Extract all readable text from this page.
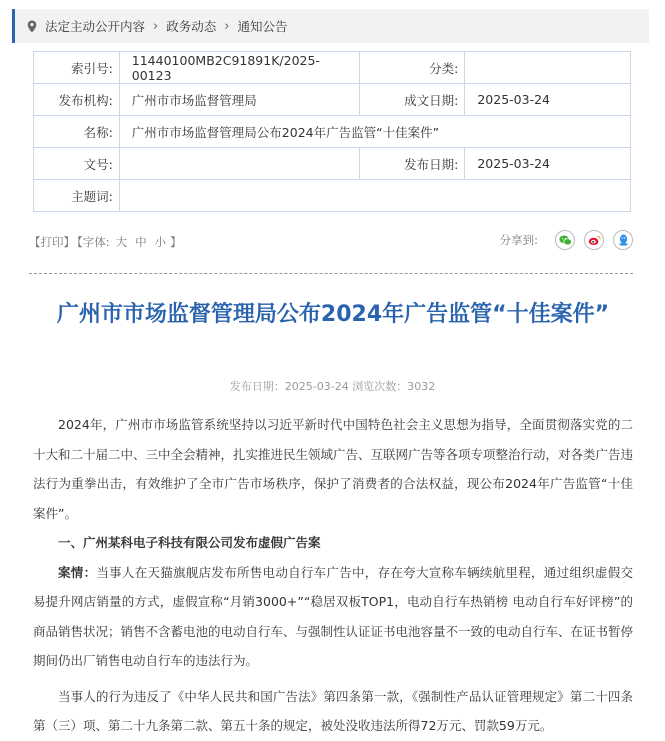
法定主动公开内容 › 政务动态 › 通知公告
索引号:	11440100MB2C91891K/2025-00123	分类:	
发布机构:	广州市市场监督管理局	成文日期:	2025-03-24
名称:	广州市市场监督管理局公布2024年广告监管“十佳案件”		
文号:		发布日期:	2025-03-24
主题词:			
【打印】 【字体: 大 中 小 】	分享到:
广州市市场监督管理局公布2024年广告监管“十佳案件”
发布日期：2025-03-24 浏览次数：3032

2024年，广州市市场监管系统坚持以习近平新时代中国特色社会主义思想为指导，全面贯彻落实党的二十大和二十届二中、三中全会精神，扎实推进民生领域广告、互联网广告等各项专项整治行动，对各类广告违法行为重拳出击，有效维护了全市广告市场秩序，保护了消费者的合法权益，现公布2024年广告监管“十佳案件”。

一、广州某科电子科技有限公司发布虚假广告案

案情：当事人在天猫旗舰店发布所售电动自行车广告中，存在夸大宣称车辆续航里程，通过组织虚假交易提升网店销量的方式，虚假宣称“月销3000+”“稳居双板TOP1，电动自行车热销榜 电动自行车好评榜”的商品销售状况；销售不含蓄电池的电动自行车、与强制性认证证书电池容量不一致的电动自行车、在证书暂停期间仍出厂销售电动自行车的违法行为。

当事人的行为违反了《中华人民共和国广告法》第四条第一款，《强制性产品认证管理规定》第二十四条第（三）项、第二十九条第二款、第五十条的规定，被处没收违法所得72万元、罚款59万元。
